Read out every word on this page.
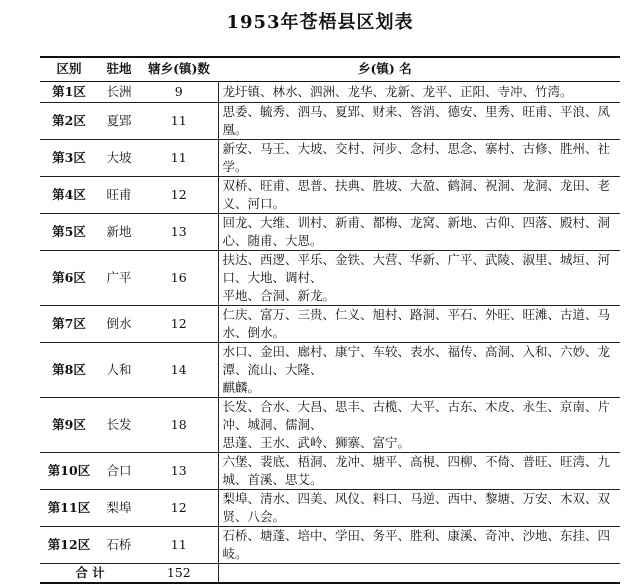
1953年苍梧县区划表
区别	驻地	辖乡(镇)数	乡(镇) 名
第1区	长洲	9	龙圩镇、林水、泗洲、龙华、龙新、龙平、正阳、寺冲、竹湾。

第2区	夏郢	11	思委、毓秀、泗马、夏郢、财来、答消、德安、里秀、旺甫、平浪、凤凰。

第3区	大坡	11	新安、马王、大坡、交村、河步、念村、思念、寨村、古修、胜州、社学。

第4区	旺甫	12	双桥、旺甫、思普、扶典、胜坡、大盈、鹤洞、祝洞、龙洞、龙田、老义、河口。

第5区	新地	13	回龙、大维、训村、新甫、都梅、龙窝、新地、古仰、四落、殿村、洞心、随甫、大恩。

第6区	广平	16	扶达、西逻、平乐、金铁、大营、华新、广平、武陵、淑里、城垣、河口、大地、调村、
平地、合洞、新龙。

第7区	倒水	12	仁庆、富万、三贵、仁义、旭村、路洞、平石、外旺、旺滩、古道、马水、倒水。

第8区	人和	14	水口、金田、廊村、康宁、车较、表水、福传、高洞、入和、六妙、龙潭、流山、大隆、
麒麟。

第9区	长发	18	长发、合水、大昌、思丰、古榄、大平、古东、木皮、永生、京南、片冲、城洞、儒洞、
思蓬、王水、武岭、狮寨、富宁。

第10区	合口	13	六堡、裴底、梧洞、龙冲、塘平、高梘、四柳、不倚、普旺、旺湾、九城、首溪、思艾。

第11区	梨埠	12	梨埠、清水、四美、风仪、料口、马逆、西中、黎塘、万安、木双、双贤、八会。

第12区	石桥	11	石桥、塘蓬、培中、学田、务平、胜利、康溪、奇冲、沙地、东挂、四岐。

合 计		152	
